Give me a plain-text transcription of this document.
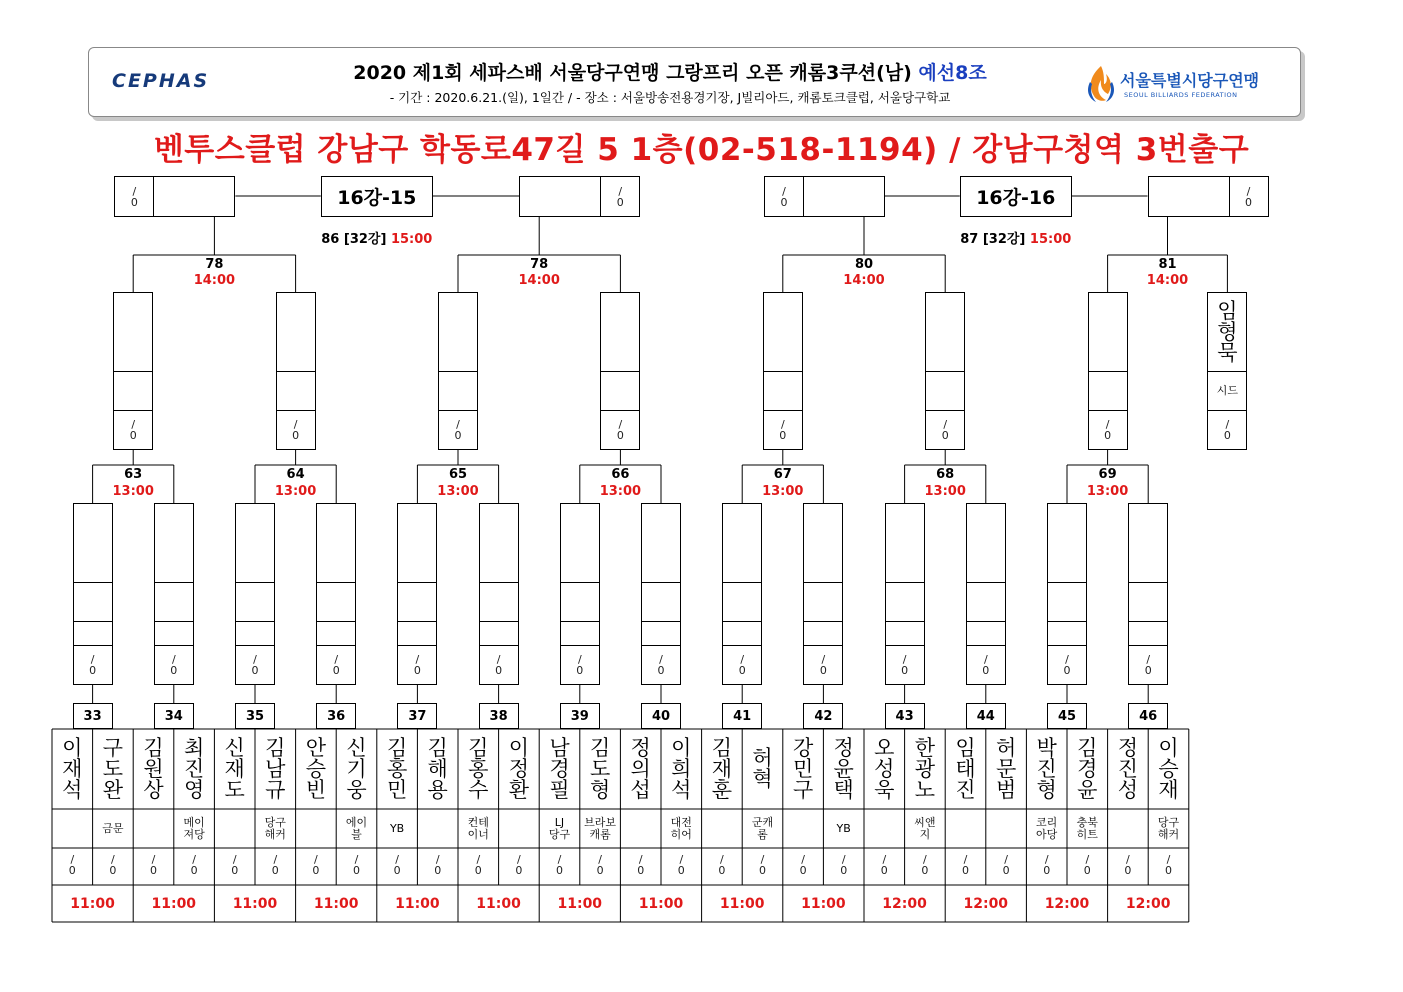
CEPHAS	2020 제1회 세파스배 서울당구연맹 그랑프리 오픈 캐롬3쿠션(남) 예선8조
- 기간 : 2020.6.21.(일), 1일간 / - 장소 : 서울방송전용경기장, J빌리아드, 캐롬토크클럽, 서울당구학교
서울특별시당구연맹
SEOUL BILLIARDS FEDERATION
벤투스클럽 강남구 학동로47길 5 1층(02-518-1194) / 강남구청역 3번출구
33
이
재
석
/
0
구
도
완
금문
/
0
11:00
34
김
원
상
/
0
최
진
영
메이
져당
/
0
11:00
35
신
재
도
/
0
김
남
규
당구
해커
/
0
11:00
36
안
승
빈
/
0
신
기
웅
에이
블
/
0
11:00
37
김
홍
민
YB
/
0
김
해
용
/
0
11:00
38
김
홍
수
컨테
이너
/
0
이
정
환
/
0
11:00
39
남
경
필
LJ
당구
/
0
김
도
형
브라보
캐롬
/
0
11:00
40
정
의
섭
/
0
이
희
석
대전
히어
/
0
11:00
41
김
재
훈
/
0
허
혁
군캐
롬
/
0
11:00
42
강
민
구
/
0
정
윤
택
YB
/
0
11:00
43
오
성
욱
/
0
한
광
노
씨앤
지
/
0
12:00
44
임
태
진
/
0
허
문
범
/
0
12:00
45
박
진
형
코리
아당
/
0
김
경
윤
충북
히트
/
0
12:00
46
정
진
성
/
0
이
승
재
당구
해커
/
0
12:00
/
0
/
0
/
0
/
0
/
0
/
0
/
0
/
0
/
0
/
0
/
0
/
0
/
0
/
0
63
13:00
64
13:00
65
13:00
66
13:00
67
13:00
68
13:00
69
13:00
/
0
/
0
/
0
/
0
/
0
/
0
/
0
임
형
묵
시드
/
0
78
14:00
78
14:00
80
14:00
81
14:00
/
0
/
0
16강-15
86 [32강] 15:00
/
0
/
0
16강-16
87 [32강] 15:00
